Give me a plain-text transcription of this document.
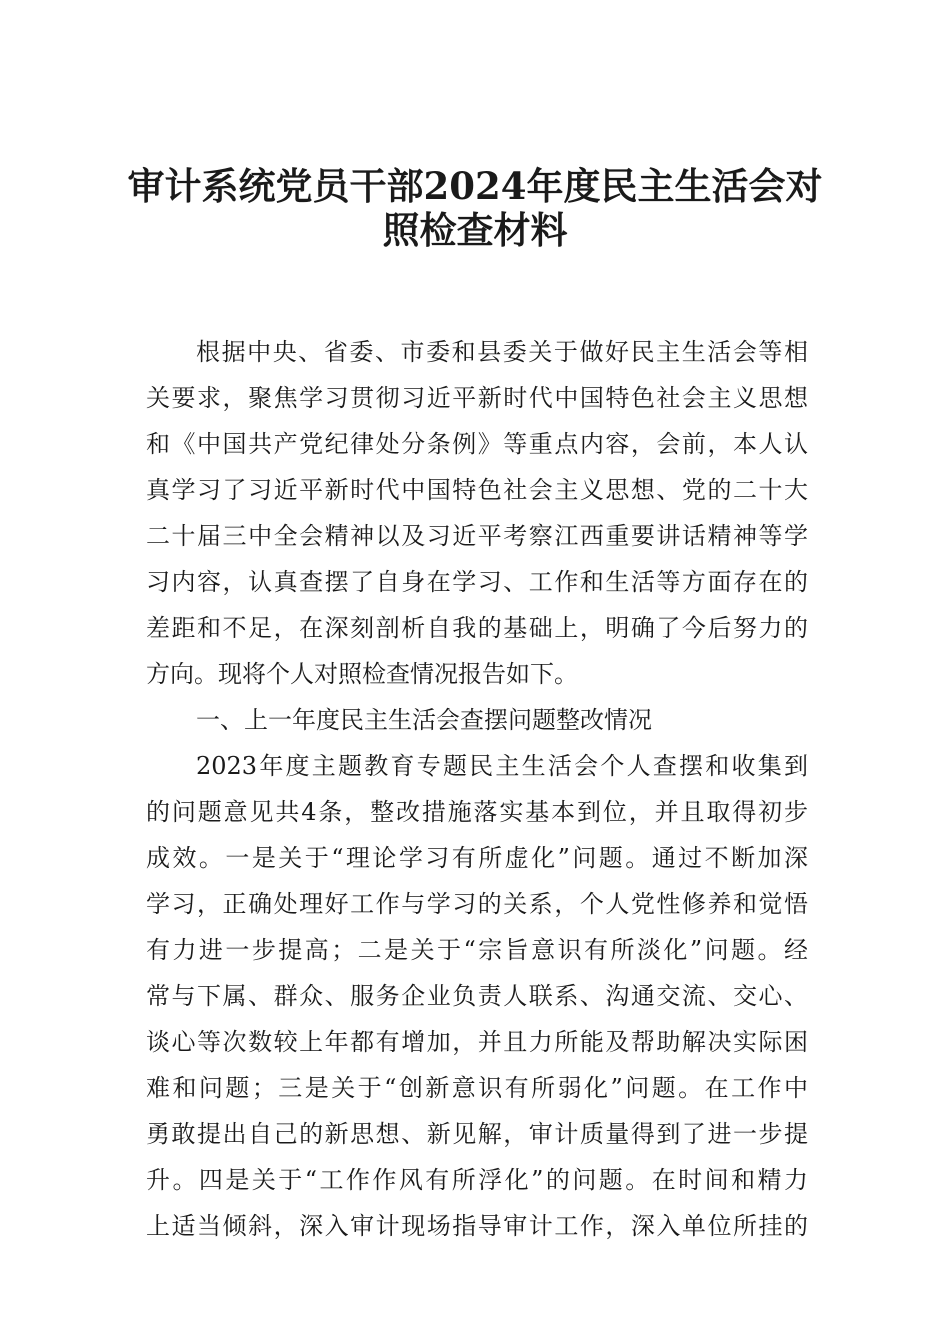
审计系统党员干部2024年度民主生活会对
照检查材料
根据中央、省委、市委和县委关于做好民主生活会等相
关要求，聚焦学习贯彻习近平新时代中国特色社会主义思想
和《中国共产党纪律处分条例》等重点内容，会前，本人认
真学习了习近平新时代中国特色社会主义思想、党的二十大
二十届三中全会精神以及习近平考察江西重要讲话精神等学
习内容，认真查摆了自身在学习、工作和生活等方面存在的
差距和不足，在深刻剖析自我的基础上，明确了今后努力的
方向。现将个人对照检查情况报告如下。
一、上一年度民主生活会查摆问题整改情况
2023年度主题教育专题民主生活会个人查摆和收集到
的问题意见共4条，整改措施落实基本到位，并且取得初步
成效。一是关于“理论学习有所虚化”问题。通过不断加深
学习，正确处理好工作与学习的关系，个人党性修养和觉悟
有力进一步提高；二是关于“宗旨意识有所淡化”问题。经
常与下属、群众、服务企业负责人联系、沟通交流、交心、
谈心等次数较上年都有增加，并且力所能及帮助解决实际困
难和问题；三是关于“创新意识有所弱化”问题。在工作中
勇敢提出自己的新思想、新见解，审计质量得到了进一步提
升。四是关于“工作作风有所浮化”的问题。在时间和精力
上适当倾斜，深入审计现场指导审计工作，深入单位所挂的
